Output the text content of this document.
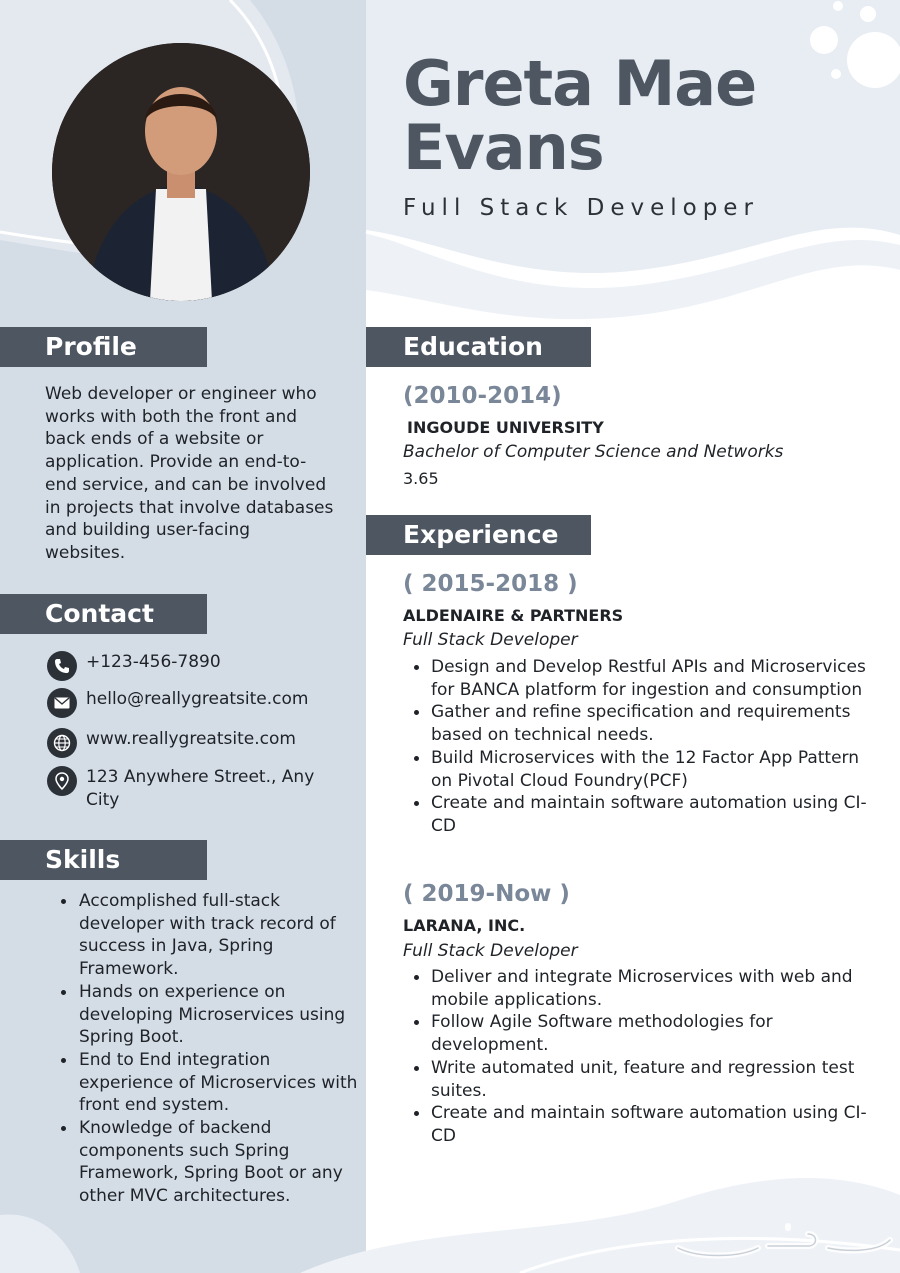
Greta Mae
Evans
Full Stack Developer
Profile
Web developer or engineer who works with both the front and back ends of a website or application. Provide an end-to-end service, and can be involved in projects that involve databases and building user-facing websites.
Contact
+123-456-7890
hello@reallygreatsite.com
www.reallygreatsite.com
123 Anywhere Street., Any City
Skills
Accomplished full-stack developer with track record of success in Java, Spring Framework.
Hands on experience on developing Microservices using Spring Boot.
End to End integration experience of Microservices with front end system.
Knowledge of backend components such Spring Framework, Spring Boot or any other MVC architectures.
Education
(2010-2014)
INGOUDE UNIVERSITY
Bachelor of Computer Science and Networks
3.65
Experience
( 2015-2018 )
ALDENAIRE & PARTNERS
Full Stack Developer
Design and Develop Restful APIs and Microservices for BANCA platform for ingestion and consumption
Gather and refine specification and requirements based on technical needs.
Build Microservices with the 12 Factor App Pattern on Pivotal Cloud Foundry(PCF)
Create and maintain software automation using CI-CD
( 2019-Now )
LARANA, INC.
Full Stack Developer
Deliver and integrate Microservices with web and mobile applications.
Follow Agile Software methodologies for development.
Write automated unit, feature and regression test suites.
Create and maintain software automation using CI-CD
